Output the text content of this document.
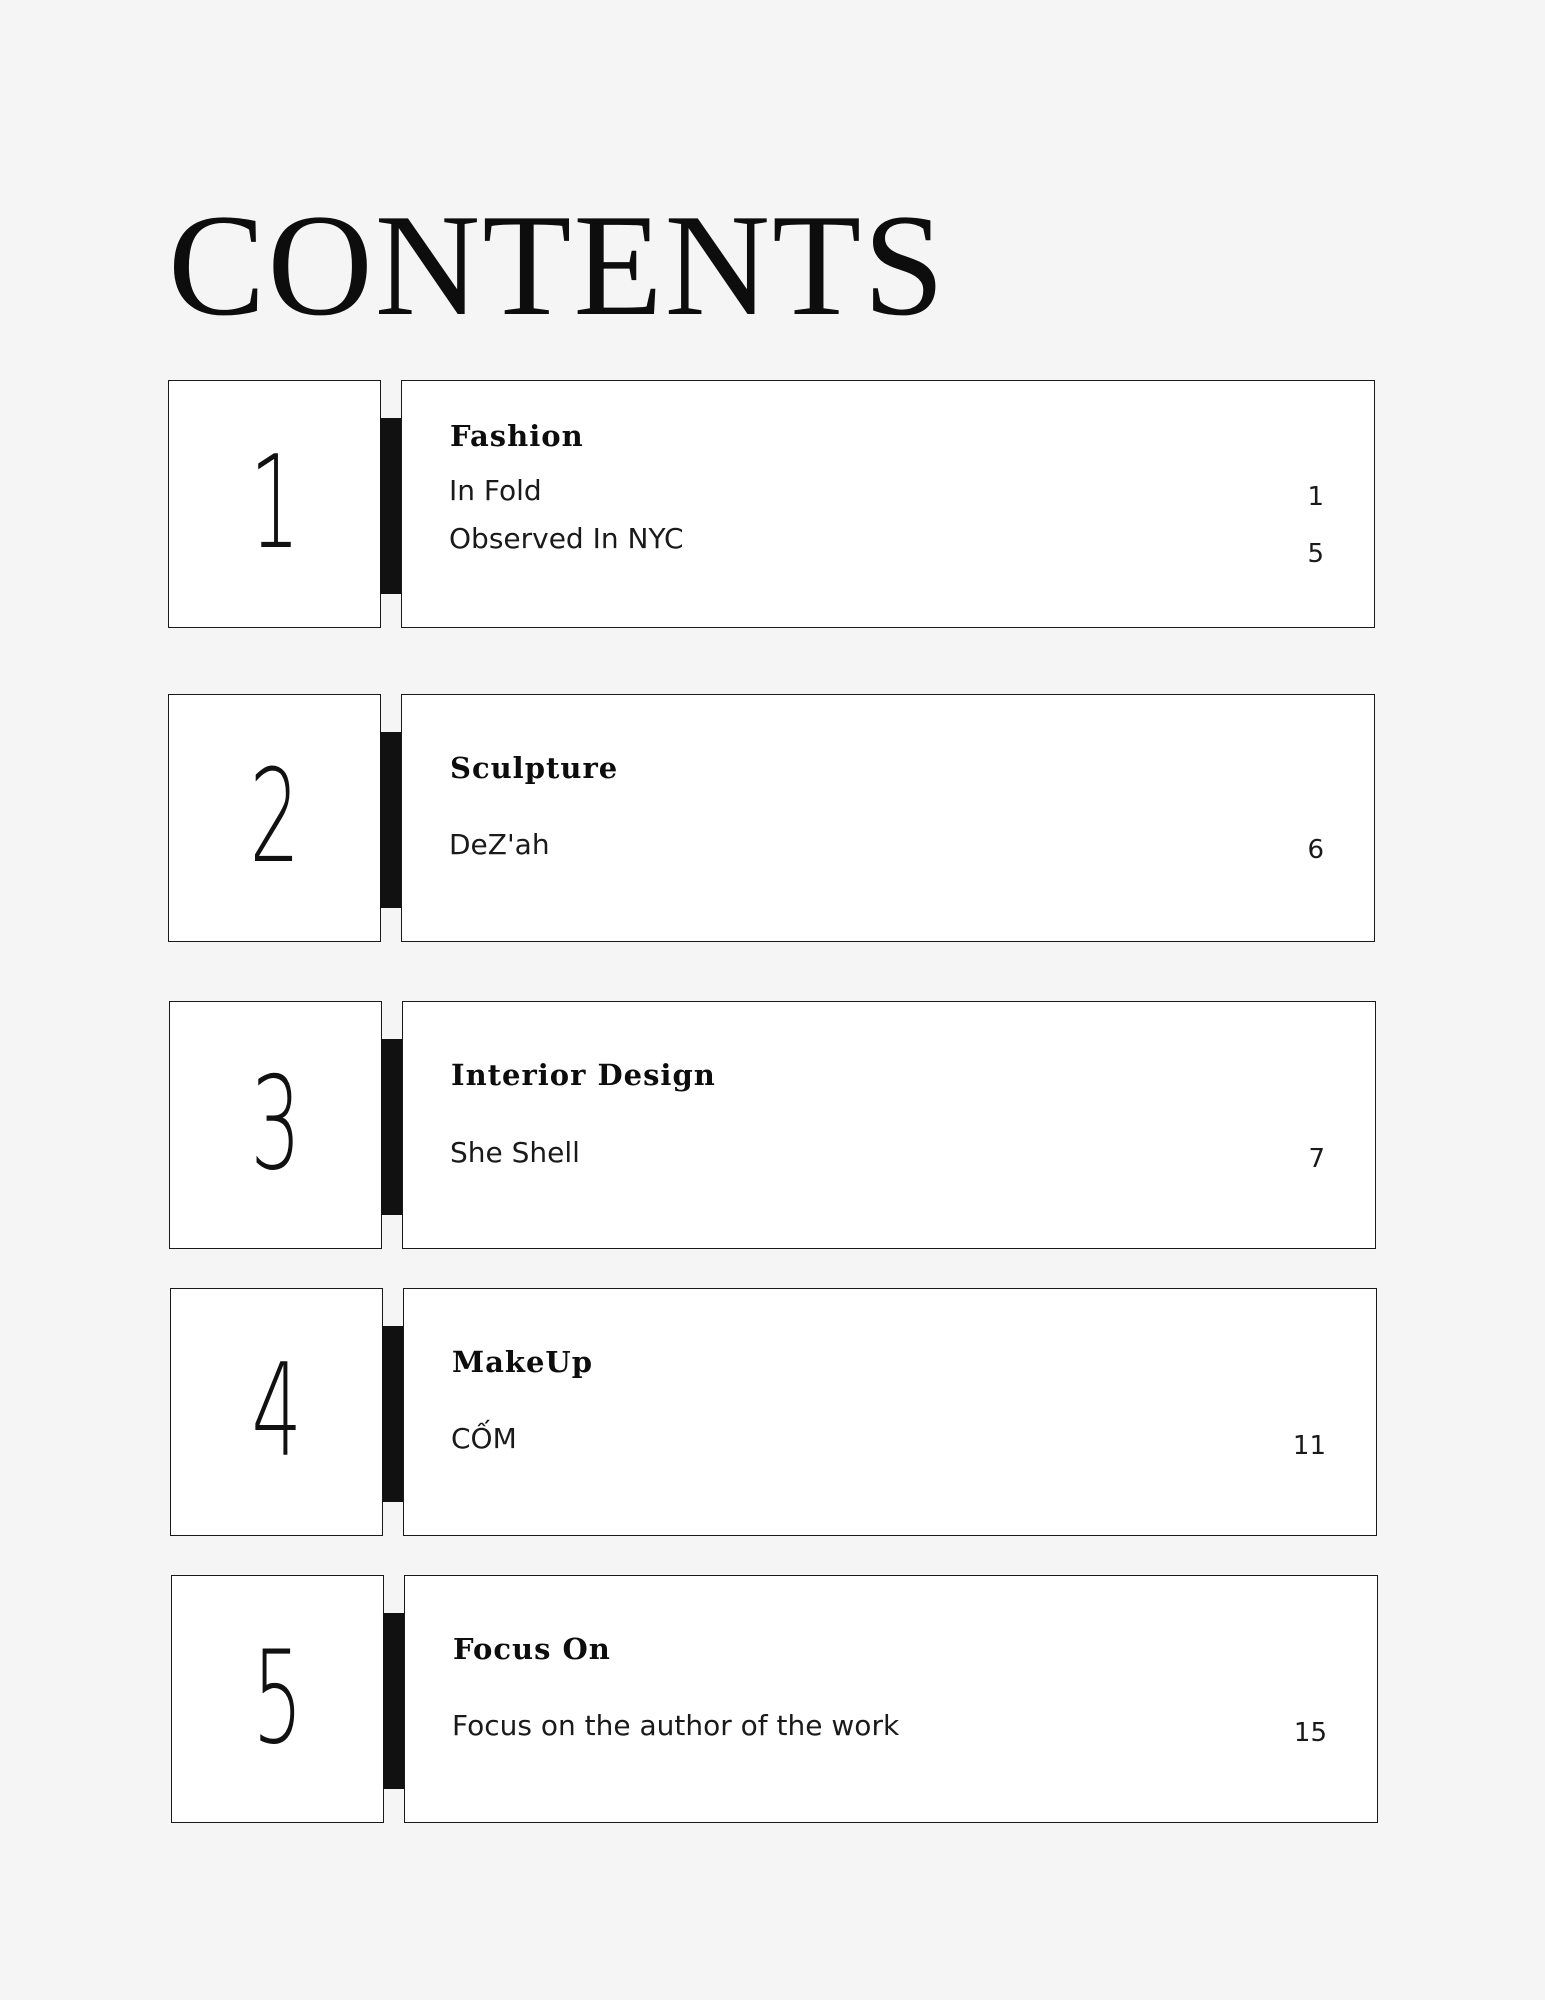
CONTENTS
1	Fashion
In Fold	1
Observed In NYC	5
2	Sculpture
DeZ'ah	6
3	Interior Design
She Shell	7
4	MakeUp
CỐM	11
5	Focus On
Focus on the author of the work	15
